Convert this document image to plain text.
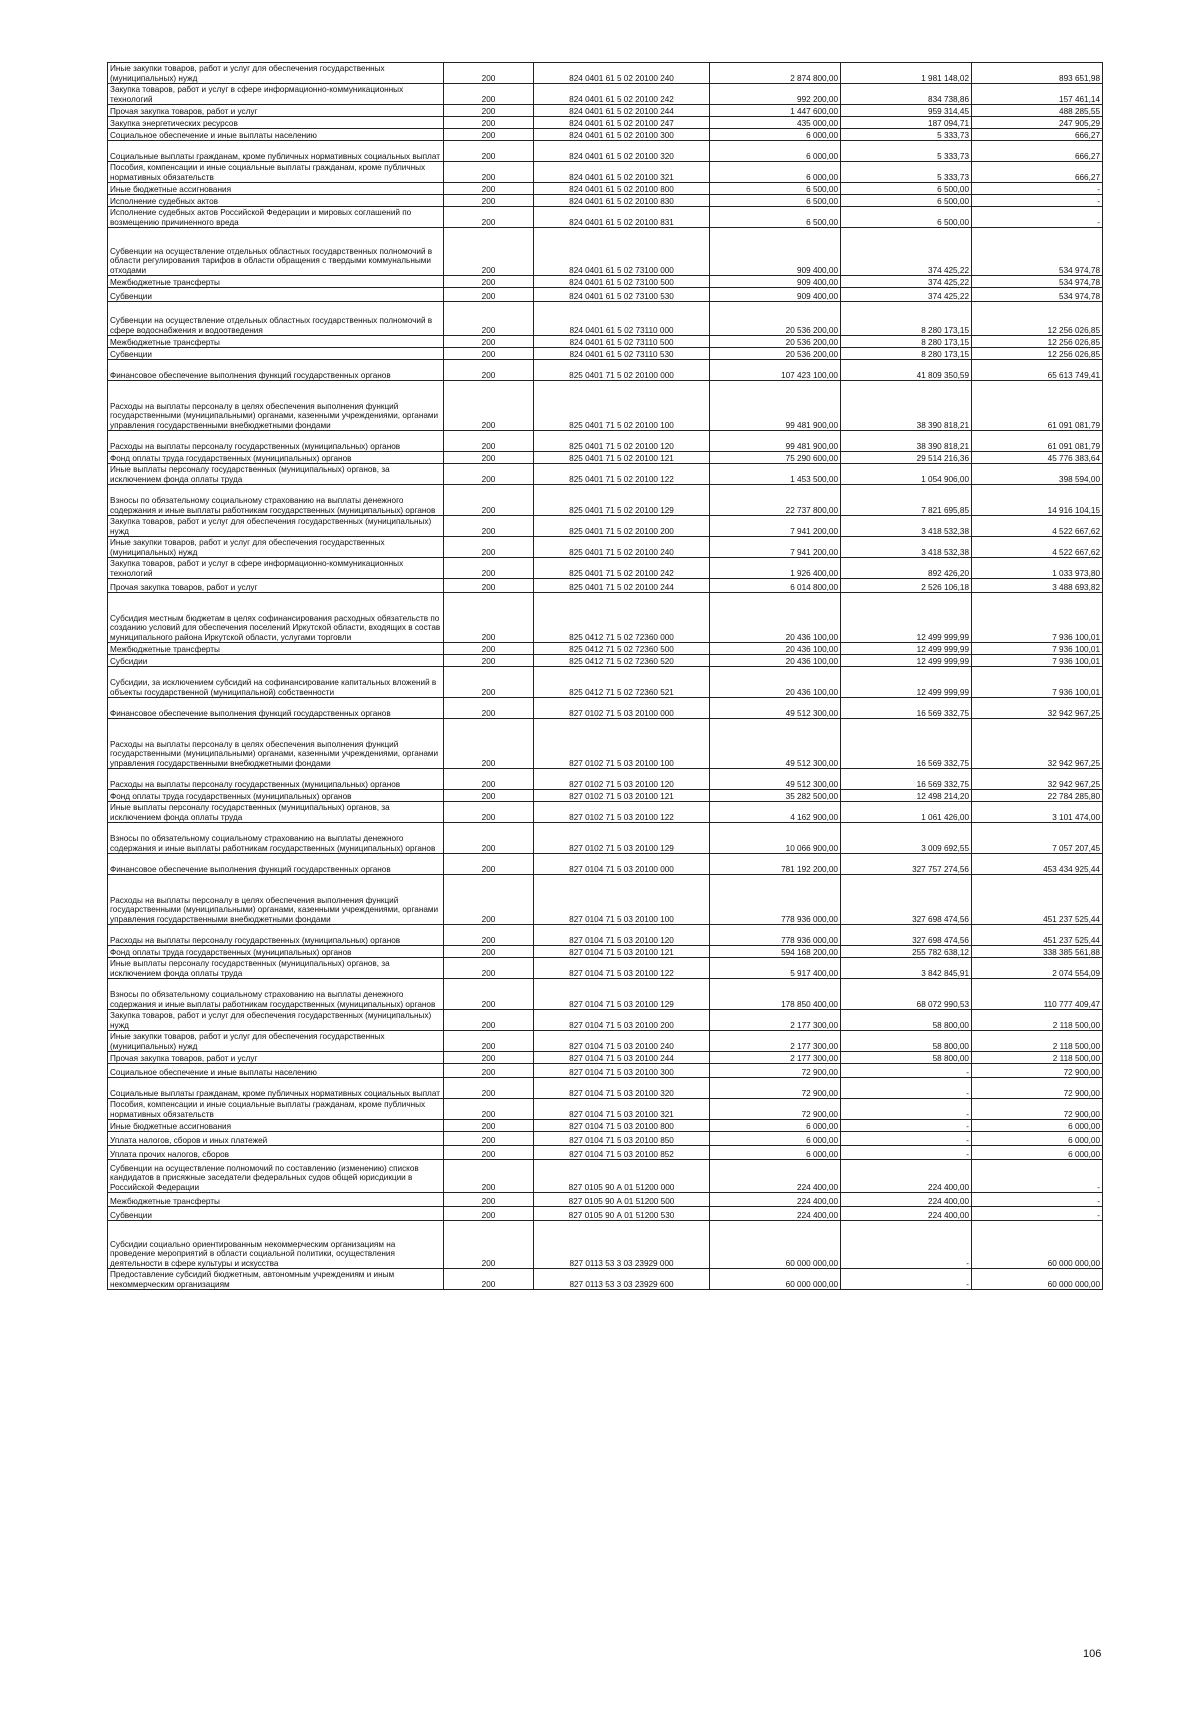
Иные закупки товаров, работ и услуг для обеспечения государственных (муниципальных) нужд	200	824 0401 61 5 02 20100 240	2 874 800,00	1 981 148,02	893 651,98
Закупка товаров, работ и услуг в сфере информационно-коммуникационных технологий	200	824 0401 61 5 02 20100 242	992 200,00	834 738,86	157 461,14
Прочая закупка товаров, работ и услуг	200	824 0401 61 5 02 20100 244	1 447 600,00	959 314,45	488 285,55
Закупка энергетических ресурсов	200	824 0401 61 5 02 20100 247	435 000,00	187 094,71	247 905,29
Социальное обеспечение и иные выплаты населению	200	824 0401 61 5 02 20100 300	6 000,00	5 333,73	666,27
Социальные выплаты гражданам, кроме публичных нормативных социальных выплат	200	824 0401 61 5 02 20100 320	6 000,00	5 333,73	666,27
Пособия, компенсации и иные социальные выплаты гражданам, кроме публичных нормативных обязательств	200	824 0401 61 5 02 20100 321	6 000,00	5 333,73	666,27
Иные бюджетные ассигнования	200	824 0401 61 5 02 20100 800	6 500,00	6 500,00	-
Исполнение судебных актов	200	824 0401 61 5 02 20100 830	6 500,00	6 500,00	-
Исполнение судебных актов Российской Федерации и мировых соглашений по возмещению причиненного вреда	200	824 0401 61 5 02 20100 831	6 500,00	6 500,00	-
Субвенции на осуществление отдельных областных государственных полномочий в области регулирования тарифов в области обращения с твердыми коммунальными отходами	200	824 0401 61 5 02 73100 000	909 400,00	374 425,22	534 974,78
Межбюджетные трансферты	200	824 0401 61 5 02 73100 500	909 400,00	374 425,22	534 974,78
Субвенции	200	824 0401 61 5 02 73100 530	909 400,00	374 425,22	534 974,78
Субвенции на осуществление отдельных областных государственных полномочий в сфере водоснабжения и водоотведения	200	824 0401 61 5 02 73110 000	20 536 200,00	8 280 173,15	12 256 026,85
Межбюджетные трансферты	200	824 0401 61 5 02 73110 500	20 536 200,00	8 280 173,15	12 256 026,85
Субвенции	200	824 0401 61 5 02 73110 530	20 536 200,00	8 280 173,15	12 256 026,85
Финансовое обеспечение выполнения функций государственных органов	200	825 0401 71 5 02 20100 000	107 423 100,00	41 809 350,59	65 613 749,41
Расходы на выплаты персоналу в целях обеспечения выполнения функций государственными (муниципальными) органами, казенными учреждениями, органами управления государственными внебюджетными фондами	200	825 0401 71 5 02 20100 100	99 481 900,00	38 390 818,21	61 091 081,79
Расходы на выплаты персоналу государственных (муниципальных) органов	200	825 0401 71 5 02 20100 120	99 481 900,00	38 390 818,21	61 091 081,79
Фонд оплаты труда государственных (муниципальных) органов	200	825 0401 71 5 02 20100 121	75 290 600,00	29 514 216,36	45 776 383,64
Иные выплаты персоналу государственных (муниципальных) органов, за исключением фонда оплаты труда	200	825 0401 71 5 02 20100 122	1 453 500,00	1 054 906,00	398 594,00
Взносы по обязательному социальному страхованию на выплаты денежного содержания и иные выплаты работникам государственных (муниципальных) органов	200	825 0401 71 5 02 20100 129	22 737 800,00	7 821 695,85	14 916 104,15
Закупка товаров, работ и услуг для обеспечения государственных (муниципальных) нужд	200	825 0401 71 5 02 20100 200	7 941 200,00	3 418 532,38	4 522 667,62
Иные закупки товаров, работ и услуг для обеспечения государственных (муниципальных) нужд	200	825 0401 71 5 02 20100 240	7 941 200,00	3 418 532,38	4 522 667,62
Закупка товаров, работ и услуг в сфере информационно-коммуникационных технологий	200	825 0401 71 5 02 20100 242	1 926 400,00	892 426,20	1 033 973,80
Прочая закупка товаров, работ и услуг	200	825 0401 71 5 02 20100 244	6 014 800,00	2 526 106,18	3 488 693,82
Субсидия местным бюджетам в целях софинансирования расходных обязательств по созданию условий для обеспечения поселений Иркутской области, входящих в состав муниципального района Иркутской области, услугами торговли	200	825 0412 71 5 02 72360 000	20 436 100,00	12 499 999,99	7 936 100,01
Межбюджетные трансферты	200	825 0412 71 5 02 72360 500	20 436 100,00	12 499 999,99	7 936 100,01
Субсидии	200	825 0412 71 5 02 72360 520	20 436 100,00	12 499 999,99	7 936 100,01
Субсидии, за исключением субсидий на софинансирование капитальных вложений в объекты государственной (муниципальной) собственности	200	825 0412 71 5 02 72360 521	20 436 100,00	12 499 999,99	7 936 100,01
Финансовое обеспечение выполнения функций государственных органов	200	827 0102 71 5 03 20100 000	49 512 300,00	16 569 332,75	32 942 967,25
Расходы на выплаты персоналу в целях обеспечения выполнения функций государственными (муниципальными) органами, казенными учреждениями, органами управления государственными внебюджетными фондами	200	827 0102 71 5 03 20100 100	49 512 300,00	16 569 332,75	32 942 967,25
Расходы на выплаты персоналу государственных (муниципальных) органов	200	827 0102 71 5 03 20100 120	49 512 300,00	16 569 332,75	32 942 967,25
Фонд оплаты труда государственных (муниципальных) органов	200	827 0102 71 5 03 20100 121	35 282 500,00	12 498 214,20	22 784 285,80
Иные выплаты персоналу государственных (муниципальных) органов, за исключением фонда оплаты труда	200	827 0102 71 5 03 20100 122	4 162 900,00	1 061 426,00	3 101 474,00
Взносы по обязательному социальному страхованию на выплаты денежного содержания и иные выплаты работникам государственных (муниципальных) органов	200	827 0102 71 5 03 20100 129	10 066 900,00	3 009 692,55	7 057 207,45
Финансовое обеспечение выполнения функций государственных органов	200	827 0104 71 5 03 20100 000	781 192 200,00	327 757 274,56	453 434 925,44
Расходы на выплаты персоналу в целях обеспечения выполнения функций государственными (муниципальными) органами, казенными учреждениями, органами управления государственными внебюджетными фондами	200	827 0104 71 5 03 20100 100	778 936 000,00	327 698 474,56	451 237 525,44
Расходы на выплаты персоналу государственных (муниципальных) органов	200	827 0104 71 5 03 20100 120	778 936 000,00	327 698 474,56	451 237 525,44
Фонд оплаты труда государственных (муниципальных) органов	200	827 0104 71 5 03 20100 121	594 168 200,00	255 782 638,12	338 385 561,88
Иные выплаты персоналу государственных (муниципальных) органов, за исключением фонда оплаты труда	200	827 0104 71 5 03 20100 122	5 917 400,00	3 842 845,91	2 074 554,09
Взносы по обязательному социальному страхованию на выплаты денежного содержания и иные выплаты работникам государственных (муниципальных) органов	200	827 0104 71 5 03 20100 129	178 850 400,00	68 072 990,53	110 777 409,47
Закупка товаров, работ и услуг для обеспечения государственных (муниципальных) нужд	200	827 0104 71 5 03 20100 200	2 177 300,00	58 800,00	2 118 500,00
Иные закупки товаров, работ и услуг для обеспечения государственных (муниципальных) нужд	200	827 0104 71 5 03 20100 240	2 177 300,00	58 800,00	2 118 500,00
Прочая закупка товаров, работ и услуг	200	827 0104 71 5 03 20100 244	2 177 300,00	58 800,00	2 118 500,00
Социальное обеспечение и иные выплаты населению	200	827 0104 71 5 03 20100 300	72 900,00	-	72 900,00
Социальные выплаты гражданам, кроме публичных нормативных социальных выплат	200	827 0104 71 5 03 20100 320	72 900,00	-	72 900,00
Пособия, компенсации и иные социальные выплаты гражданам, кроме публичных нормативных обязательств	200	827 0104 71 5 03 20100 321	72 900,00	-	72 900,00
Иные бюджетные ассигнования	200	827 0104 71 5 03 20100 800	6 000,00	-	6 000,00
Уплата налогов, сборов и иных платежей	200	827 0104 71 5 03 20100 850	6 000,00	-	6 000,00
Уплата прочих налогов, сборов	200	827 0104 71 5 03 20100 852	6 000,00	-	6 000,00
Субвенции на осуществление полномочий по составлению (изменению) списков кандидатов в присяжные заседатели федеральных судов общей юрисдикции в Российской Федерации	200	827 0105 90 А 01 51200 000	224 400,00	224 400,00	-
Межбюджетные трансферты	200	827 0105 90 А 01 51200 500	224 400,00	224 400,00	-
Субвенции	200	827 0105 90 А 01 51200 530	224 400,00	224 400,00	-
Субсидии социально ориентированным некоммерческим организациям на проведение мероприятий в области социальной политики, осуществления деятельности в сфере культуры и искусства	200	827 0113 53 3 03 23929 000	60 000 000,00	-	60 000 000,00
Предоставление субсидий бюджетным, автономным учреждениям и иным некоммерческим организациям	200	827 0113 53 3 03 23929 600	60 000 000,00	-	60 000 000,00
106
